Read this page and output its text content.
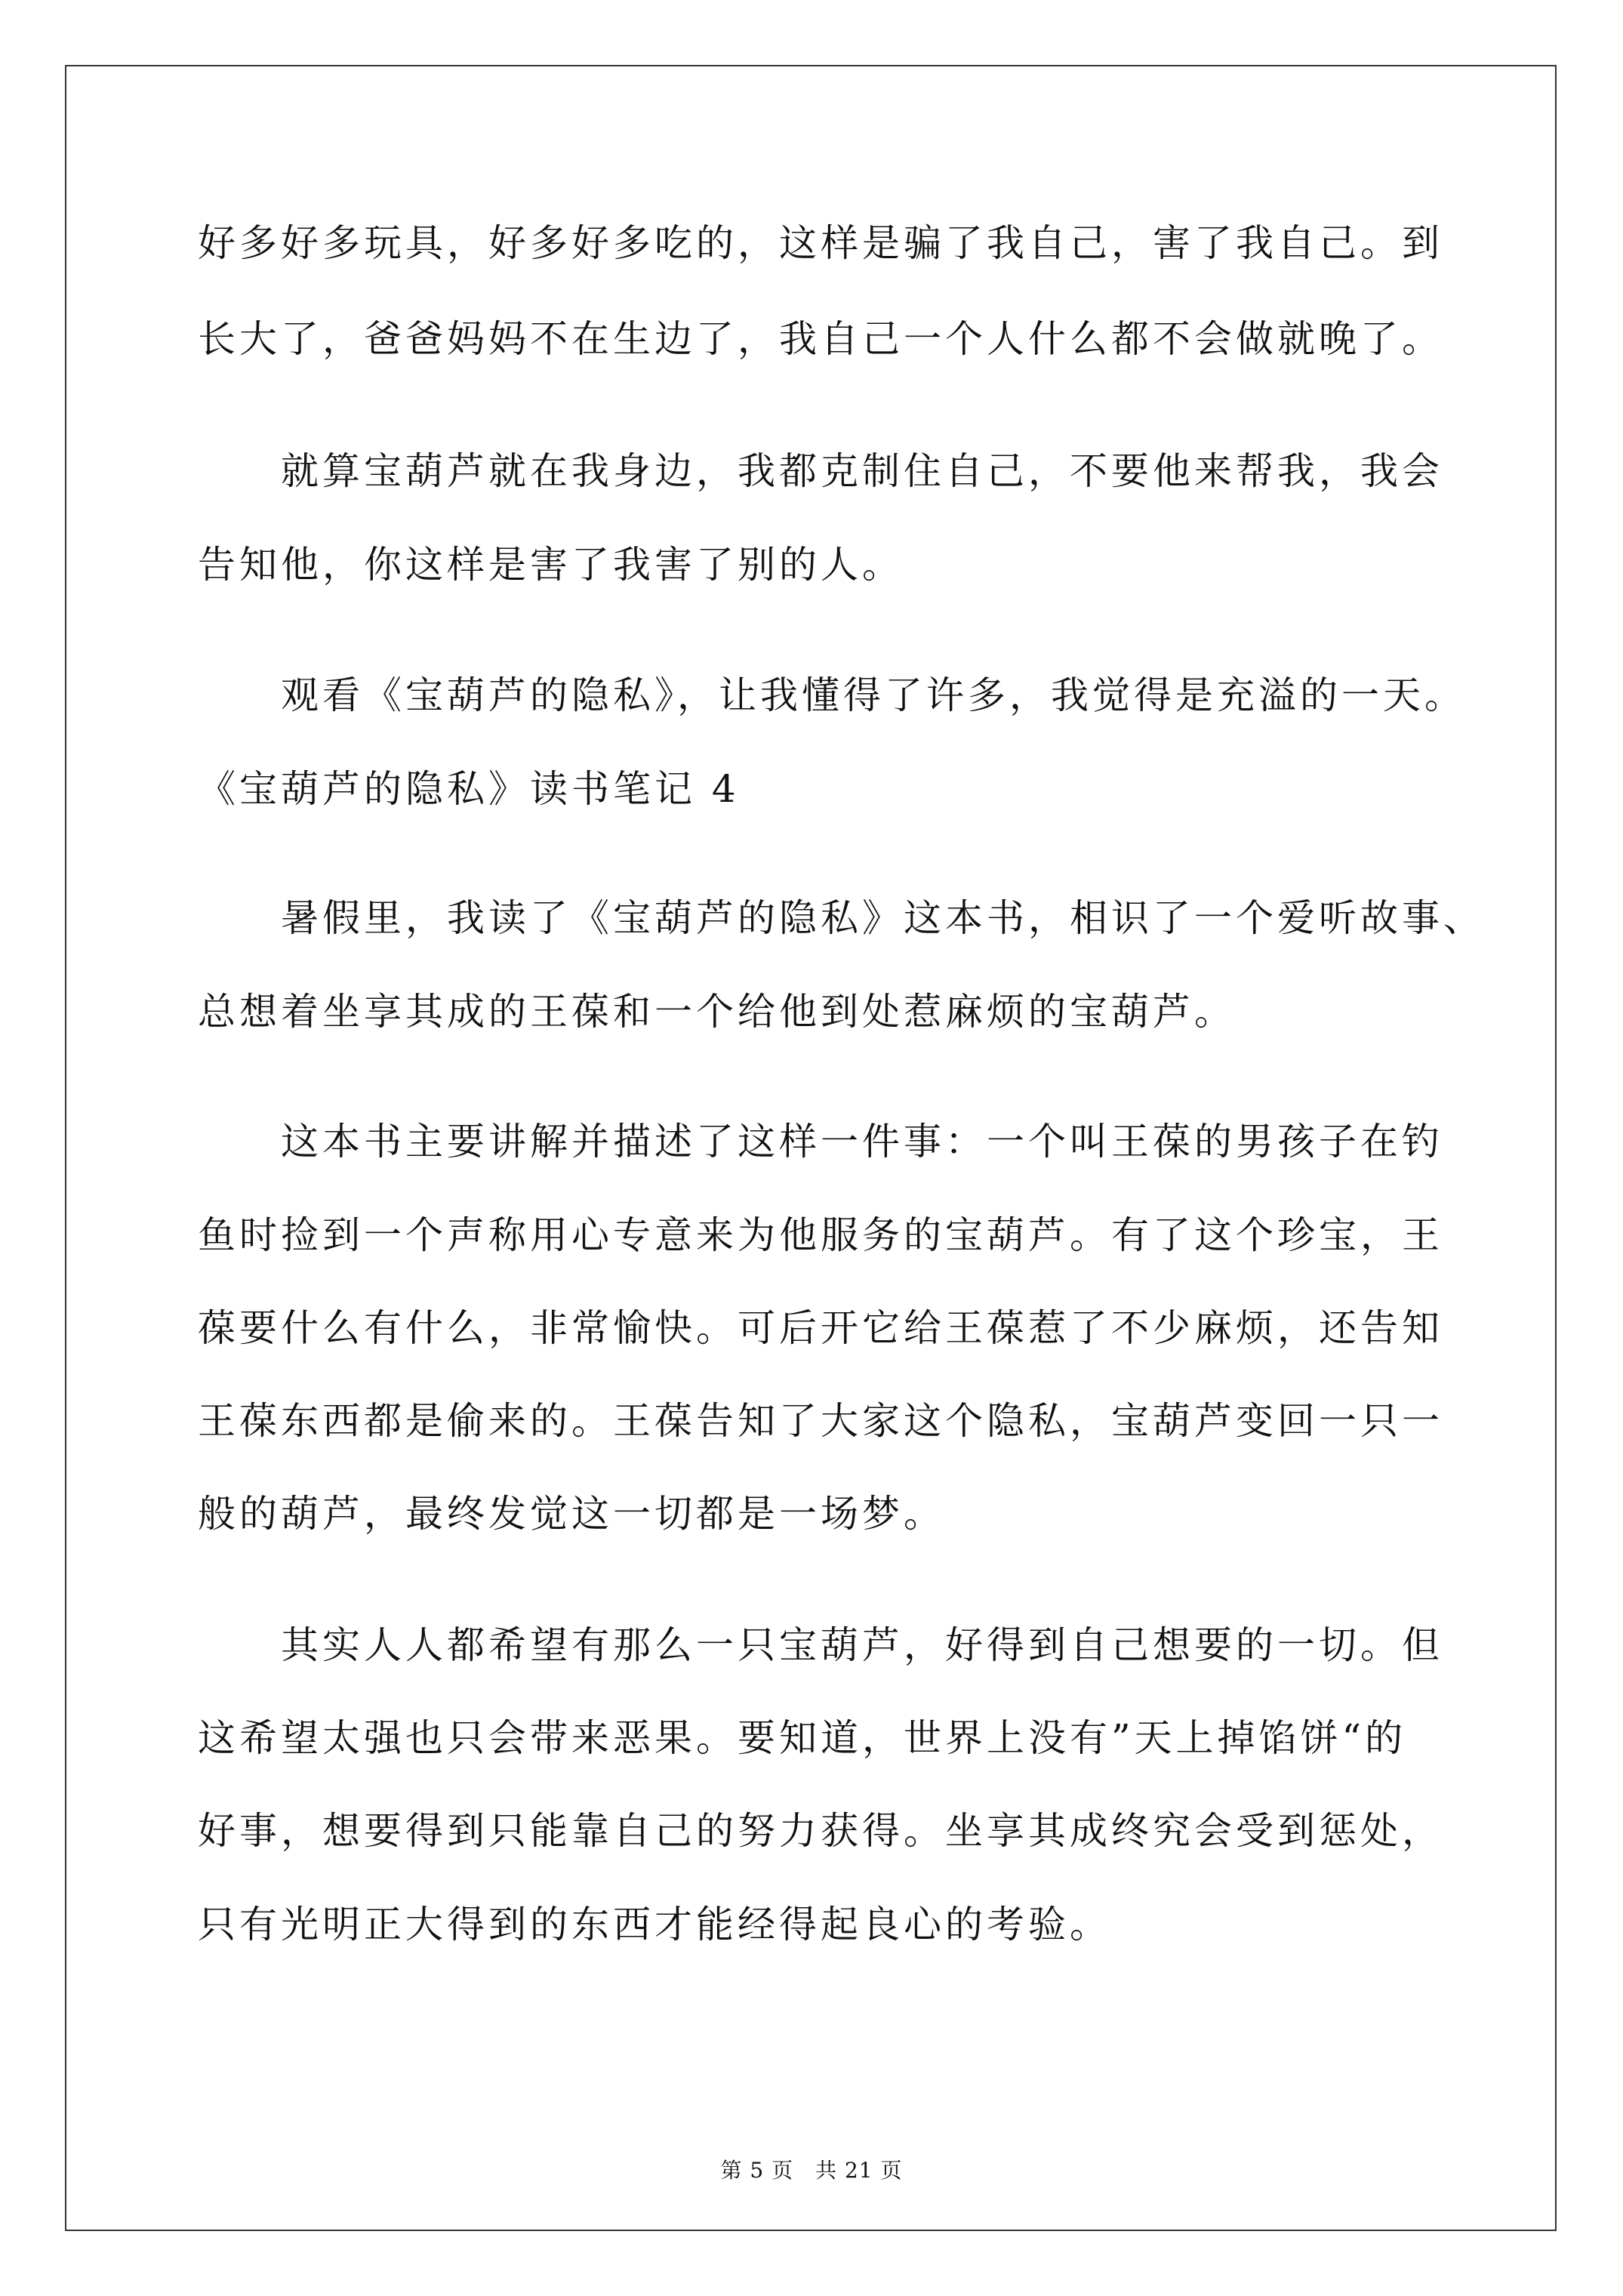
好多好多玩具，好多好多吃的，这样是骗了我自己，害了我自己。到
长大了，爸爸妈妈不在生边了，我自己一个人什么都不会做就晚了。
就算宝葫芦就在我身边，我都克制住自己，不要他来帮我，我会
告知他，你这样是害了我害了别的人。
观看《宝葫芦的隐私》，让我懂得了许多，我觉得是充溢的一天。
《宝葫芦的隐私》读书笔记 4
暑假里，我读了《宝葫芦的隐私》这本书，相识了一个爱听故事、
总想着坐享其成的王葆和一个给他到处惹麻烦的宝葫芦。
这本书主要讲解并描述了这样一件事：一个叫王葆的男孩子在钓
鱼时捡到一个声称用心专意来为他服务的宝葫芦。有了这个珍宝，王
葆要什么有什么，非常愉快。可后开它给王葆惹了不少麻烦，还告知
王葆东西都是偷来的。王葆告知了大家这个隐私，宝葫芦变回一只一
般的葫芦，最终发觉这一切都是一场梦。
其实人人都希望有那么一只宝葫芦，好得到自己想要的一切。但
这希望太强也只会带来恶果。要知道，世界上没有”天上掉馅饼“的
好事，想要得到只能靠自己的努力获得。坐享其成终究会受到惩处，
只有光明正大得到的东西才能经得起良心的考验。
第 5 页　共 21 页
